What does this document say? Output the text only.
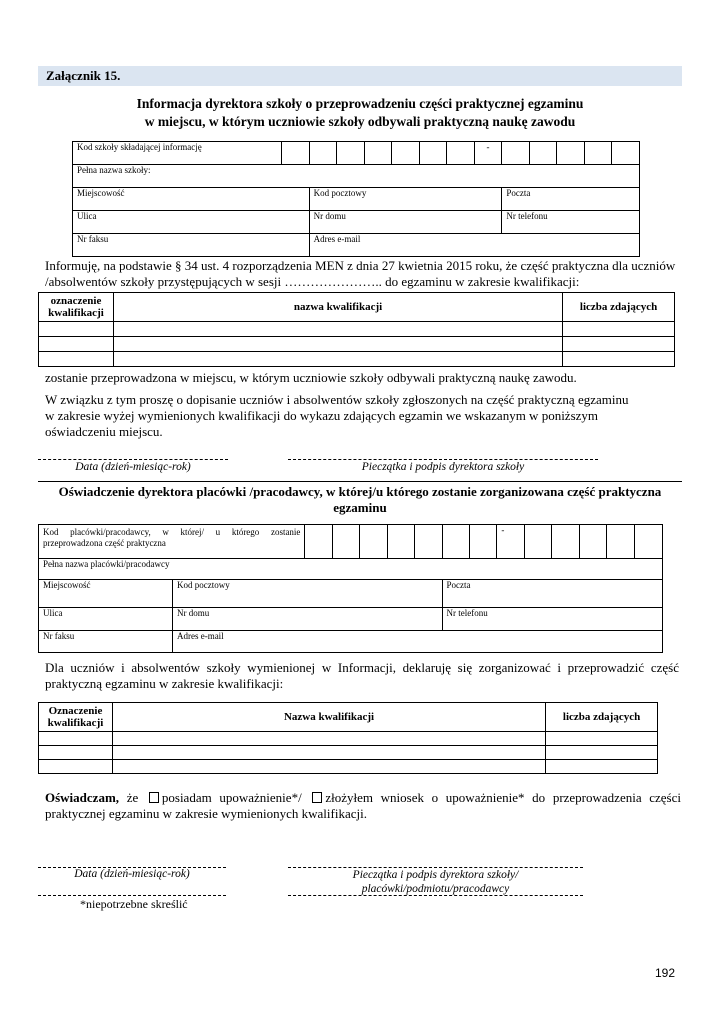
Załącznik 15.
Informacja dyrektora szkoły o przeprowadzeniu części praktycznej egzaminu
w miejscu, w którym uczniowie szkoły odbywali praktyczną naukę zawodu
Kod szkoły składającej informację								-					
Pełna nazwa szkoły:													
Miejscowość		Kod pocztowy							Poczta				
Ulica		Nr domu							Nr telefonu				
Nr faksu		Adres e-mail											
Informuję, na podstawie § 34 ust. 4 rozporządzenia MEN z dnia 27 kwietnia 2015 roku, że część praktyczna dla uczniów
/absolwentów szkoły przystępujących w sesji ………………….. do egzaminu w zakresie kwalifikacji:
oznaczenie kwalifikacji	nazwa kwalifikacji	liczba zdających

zostanie przeprowadzona w miejscu, w którym uczniowie szkoły odbywali praktyczną naukę zawodu.
W związku z tym proszę o dopisanie uczniów i absolwentów szkoły zgłoszonych na część praktyczną egzaminu
w zakresie wyżej wymienionych kwalifikacji do wykazu zdających egzamin we wskazanym w poniższym
oświadczeniu miejscu.
Data (dzień-miesiąc-rok)	Pieczątka i podpis dyrektora szkoły
Oświadczenie dyrektora placówki /pracodawcy, w której/u którego zostanie zorganizowana część praktyczna
egzaminu
Kod placówki/pracodawcy, w której/ u którego zostanie przeprowadzona część praktyczna									-					
Pełna nazwa placówki/pracodawcy														
Miejscowość	Kod pocztowy						Poczta							
Ulica	Nr domu						Nr telefonu							
Nr faksu	Adres e-mail													
Dla uczniów i absolwentów szkoły wymienionej w Informacji, deklaruję się zorganizować i przeprowadzić część
praktyczną egzaminu w zakresie kwalifikacji:
Oznaczenie kwalifikacji	Nazwa kwalifikacji	liczba zdających

Oświadczam, że posiadam upoważnienie*/ złożyłem wniosek o upoważnienie* do przeprowadzenia części
praktycznej egzaminu w zakresie wymienionych kwalifikacji.
Data (dzień-miesiąc-rok)	Pieczątka i podpis dyrektora szkoły/
placówki/podmiotu/pracodawcy
*niepotrzebne skreślić
192
